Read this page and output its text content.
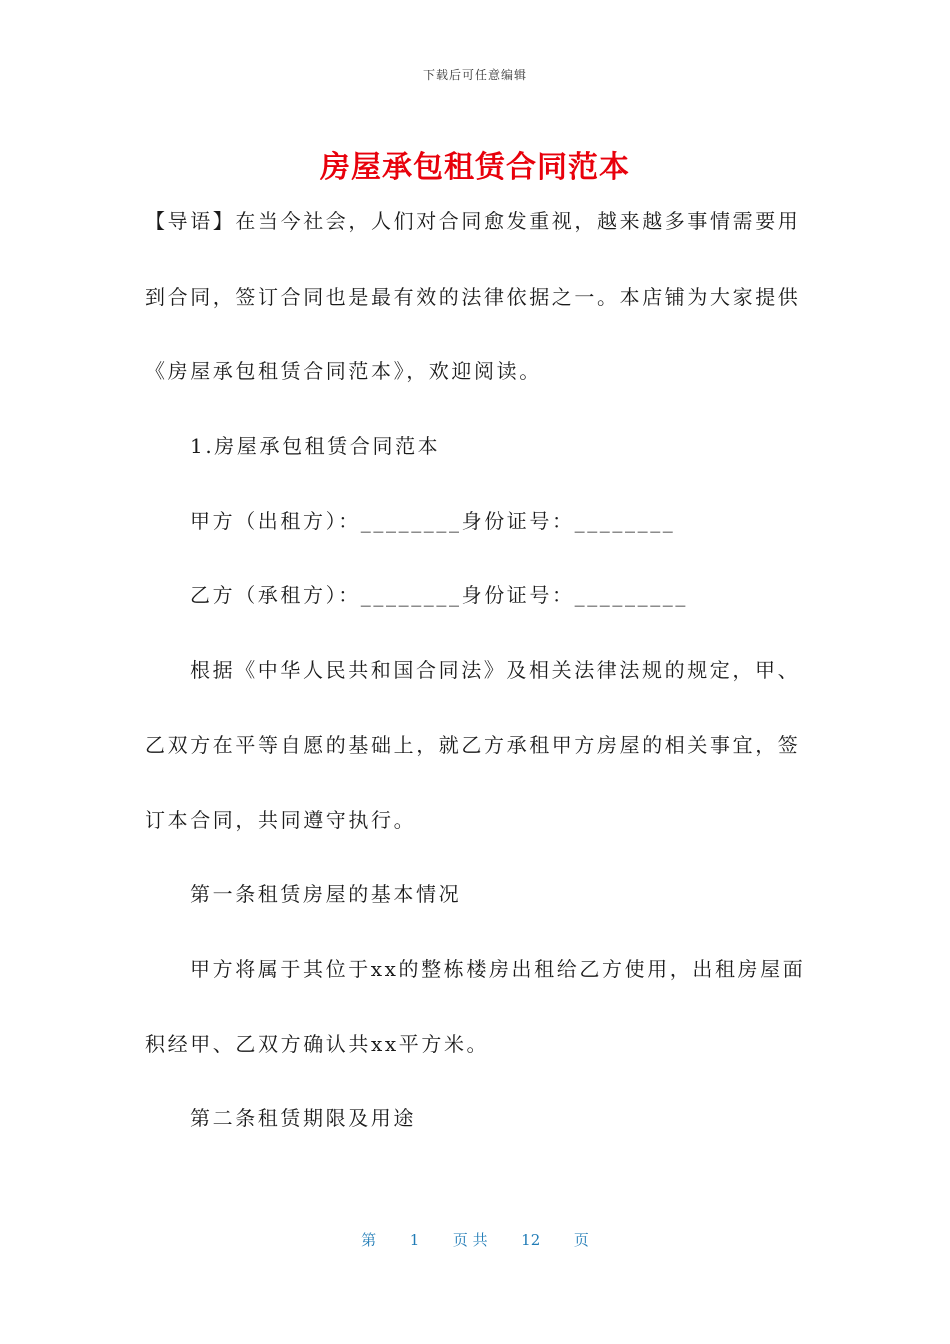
下载后可任意编辑
房屋承包租赁合同范本
【导语】在当今社会，人们对合同愈发重视，越来越多事情需要用
到合同，签订合同也是最有效的法律依据之一。本店铺为大家提供
《房屋承包租赁合同范本》，欢迎阅读。
1.房屋承包租赁合同范本
甲方（出租方）：________身份证号：________
乙方（承租方）：________身份证号：_________
根据《中华人民共和国合同法》及相关法律法规的规定，甲、
乙双方在平等自愿的基础上，就乙方承租甲方房屋的相关事宜，签
订本合同，共同遵守执行。
第一条租赁房屋的基本情况
甲方将属于其位于xx的整栋楼房出租给乙方使用，出租房屋面
积经甲、乙双方确认共xx平方米。
第二条租赁期限及用途
第 1 页 共 12 页
